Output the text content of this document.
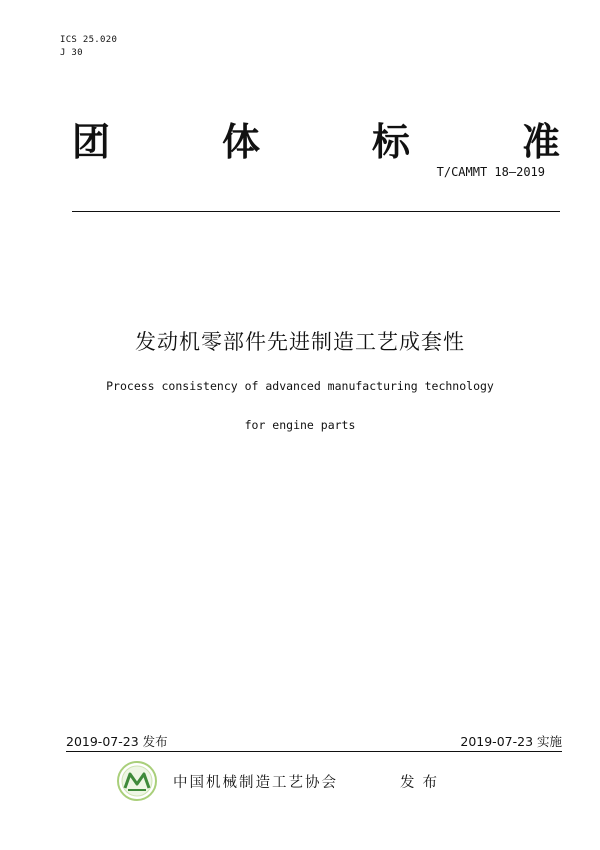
ICS 25.020
J 30
团	体	标	准
T/CAMMT 18—2019
发动机零部件先进制造工艺成套性
Process consistency of advanced manufacturing technology
for engine parts
2019-07-23 发布	2019-07-23 实施
中国机械制造工艺协会	发布
